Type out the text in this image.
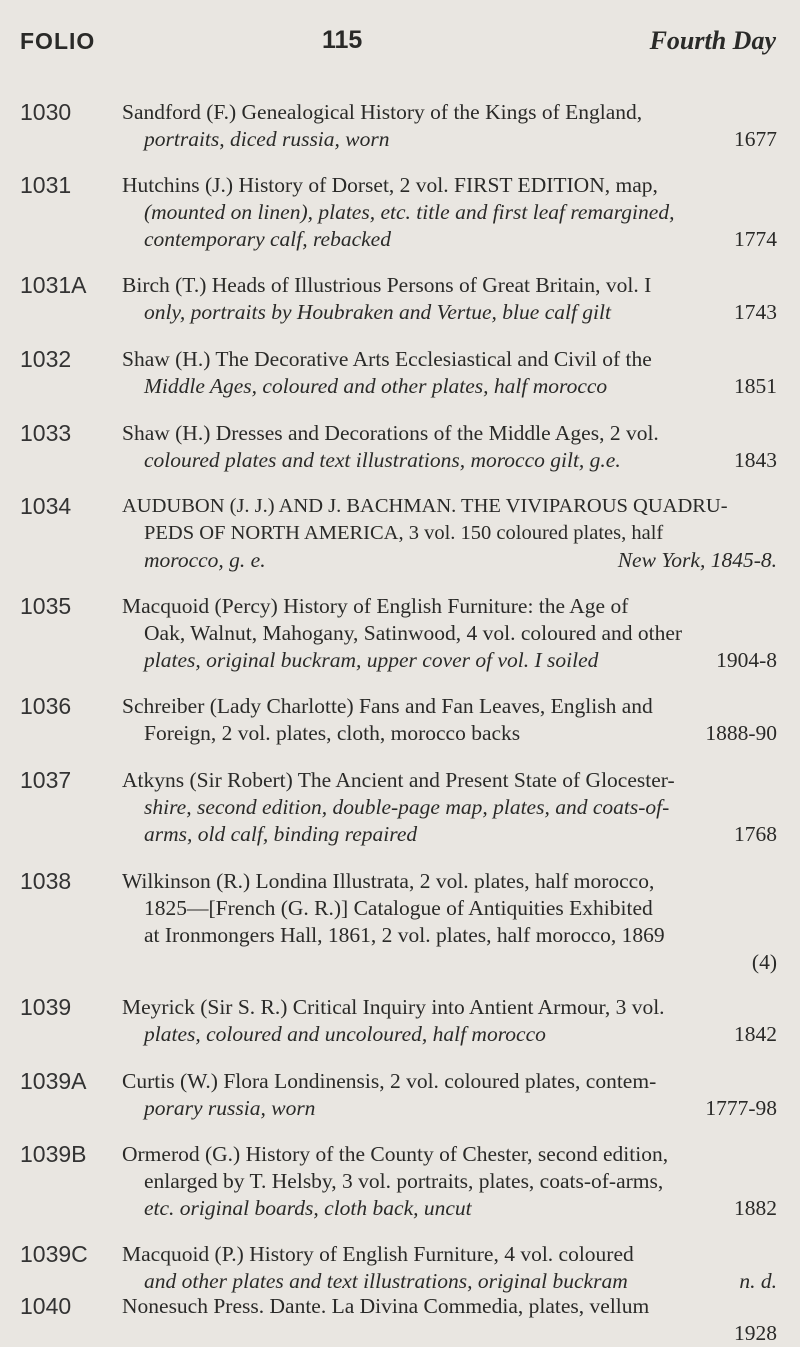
FOLIO	115	Fourth Day
1030 Sandford (F.) Genealogical History of the Kings of England,
portraits, diced russia, worn	1677
1031 Hutchins (J.) History of Dorset, 2 vol. FIRST EDITION, map,
(mounted on linen), plates, etc. title and first leaf remargined,
contemporary calf, rebacked	1774
1031A Birch (T.) Heads of Illustrious Persons of Great Britain, vol. I
only, portraits by Houbraken and Vertue, blue calf gilt	1743
1032 Shaw (H.) The Decorative Arts Ecclesiastical and Civil of the
Middle Ages, coloured and other plates, half morocco	1851
1033 Shaw (H.) Dresses and Decorations of the Middle Ages, 2 vol.
coloured plates and text illustrations, morocco gilt, g.e.	1843
1034 AUDUBON (J. J.) AND J. BACHMAN. THE VIVIPAROUS QUADRU-
PEDS OF NORTH AMERICA, 3 vol. 150 coloured plates, half
morocco, g. e.	New York, 1845-8.
1035 Macquoid (Percy) History of English Furniture: the Age of
Oak, Walnut, Mahogany, Satinwood, 4 vol. coloured and other
plates, original buckram, upper cover of vol. I soiled	1904-8
1036 Schreiber (Lady Charlotte) Fans and Fan Leaves, English and
Foreign, 2 vol. plates, cloth, morocco backs	1888-90
1037 Atkyns (Sir Robert) The Ancient and Present State of Glocester-
shire, second edition, double-page map, plates, and coats-of-
arms, old calf, binding repaired	1768
1038 Wilkinson (R.) Londina Illustrata, 2 vol. plates, half morocco,
1825—[French (G. R.)] Catalogue of Antiquities Exhibited
at Ironmongers Hall, 1861, 2 vol. plates, half morocco, 1869
(4)
1039 Meyrick (Sir S. R.) Critical Inquiry into Antient Armour, 3 vol.
plates, coloured and uncoloured, half morocco	1842
1039A Curtis (W.) Flora Londinensis, 2 vol. coloured plates, contem-
porary russia, worn	1777-98
1039B Ormerod (G.) History of the County of Chester, second edition,
enlarged by T. Helsby, 3 vol. portraits, plates, coats-of-arms,
etc. original boards, cloth back, uncut	1882
1039C Macquoid (P.) History of English Furniture, 4 vol. coloured
and other plates and text illustrations, original buckram	n. d.
1040 Nonesuch Press. Dante. La Divina Commedia, plates, vellum
1928
